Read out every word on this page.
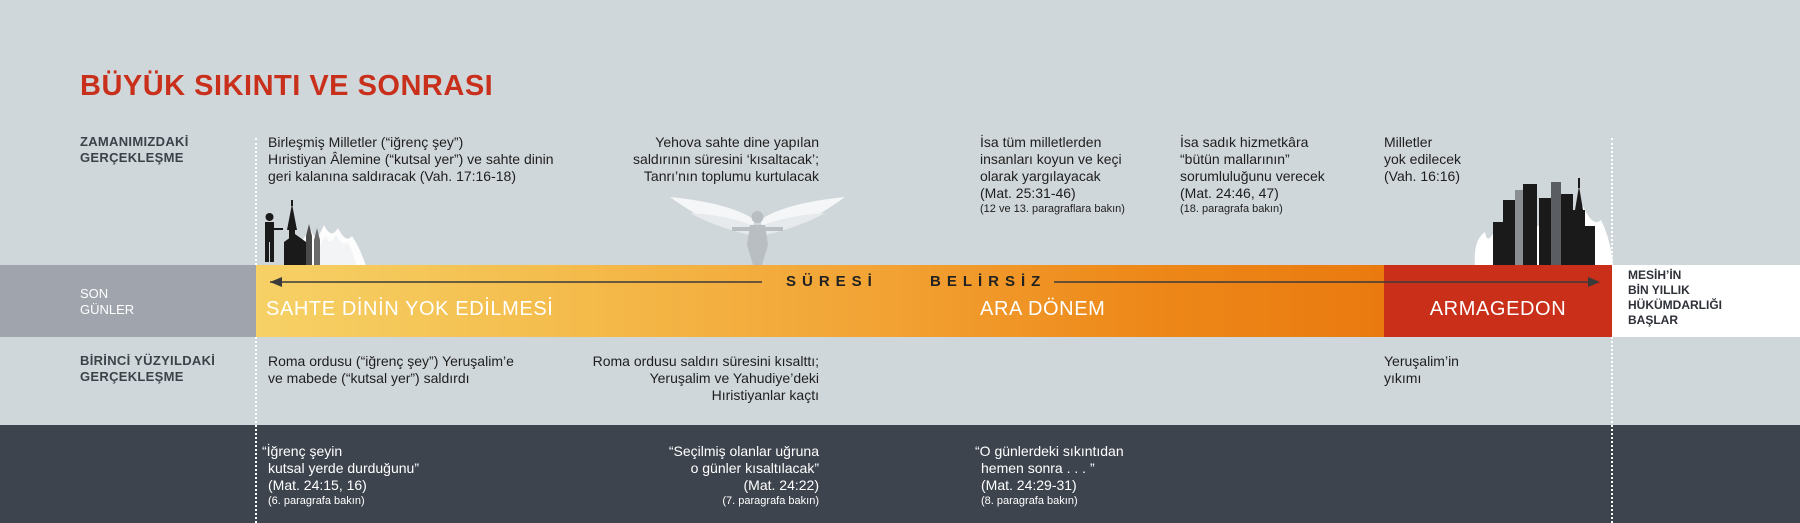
BÜYÜK SIKINTI VE SONRASI
ZAMANIMIZDAKİ
GERÇEKLEŞME
BİRİNCİ YÜZYILDAKİ
GERÇEKLEŞME
Birleşmiş Milletler (“iğrenç şey”)
Hıristiyan Âlemine (“kutsal yer”) ve sahte dinin
geri kalanına saldıracak (Vah. 17:16-18)
Yehova sahte dine yapılan
saldırının süresini ‘kısaltacak’;
Tanrı’nın toplumu kurtulacak
İsa tüm milletlerden
insanları koyun ve keçi
olarak yargılayacak
(Mat. 25:31-46)
(12 ve 13. paragraflara bakın)
İsa sadık hizmetkâra
“bütün mallarının”
sorumluluğunu verecek
(Mat. 24:46, 47)
(18. paragrafa bakın)
Milletler
yok edilecek
(Vah. 16:16)
SON
GÜNLER
SÜRESİ	BELİRSİZ
SAHTE DİNİN YOK EDİLMESİ	ARA DÖNEM	ARMAGEDON
MESİH’İN
BİN YILLIK
HÜKÜMDARLIĞI
BAŞLAR
Roma ordusu (“iğrenç şey”) Yeruşalim’e
ve mabede (“kutsal yer”) saldırdı
Roma ordusu saldırı süresini kısalttı;
Yeruşalim ve Yahudiye’deki
Hıristiyanlar kaçtı
Yeruşalim’in
yıkımı
“İğrenç şeyin
kutsal yerde durduğunu”
(Mat. 24:15, 16)
(6. paragrafa bakın)
“Seçilmiş olanlar uğruna
o günler kısaltılacak”
(Mat. 24:22)
(7. paragrafa bakın)
“O günlerdeki sıkıntıdan
hemen sonra . . . ”
(Mat. 24:29-31)
(8. paragrafa bakın)
